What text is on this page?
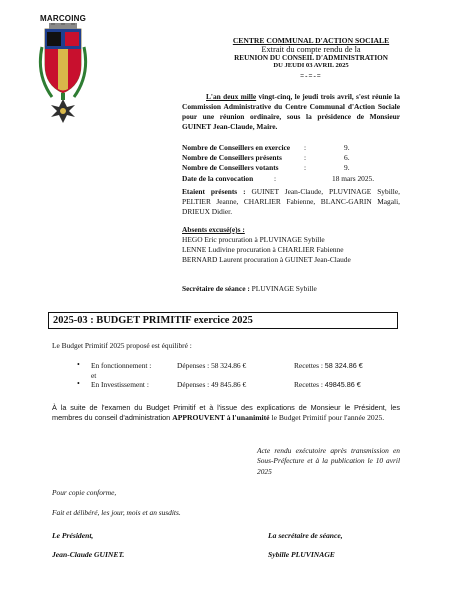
MARCOING
CENTRE COMMUNAL D'ACTION SOCIALE
Extrait du compte rendu de la
REUNION DU CONSEIL D'ADMINISTRATION
DU JEUDI 03 AVRIL 2025
=-=-=
L'an deux mille vingt-cinq, le jeudi trois avril, s'est réunie la Commission Administrative du Centre Communal d'Action Sociale pour une réunion ordinaire, sous la présidence de Monsieur GUINET Jean-Claude, Maire.
Nombre de Conseillers en exercice :	9.
Nombre de Conseillers présents	:	6.
Nombre de Conseillers votants	:	9.
Date de la convocation	:	18 mars 2025.
Etaient présents : GUINET Jean-Claude, PLUVINAGE Sybille, PELTIER Jeanne, CHARLIER Fabienne, BLANC-GARIN Magali, DRIEUX Didier.
Absents excusé(e)s :
HEGO Eric procuration à PLUVINAGE Sybille
LENNE Ludivine procuration à CHARLIER Fabienne
BERNARD Laurent procuration à GUINET Jean-Claude
Secrétaire de séance : PLUVINAGE Sybille
2025-03 : BUDGET PRIMITIF exercice 2025
Le Budget Primitif 2025 proposé est équilibré :
• En fonctionnement :	Dépenses : 58 324.86 €	Recettes : 58 324.86 €
et
• En Investissement :	Dépenses : 49 845.86 €	Recettes : 49845.86 €
À la suite de l'examen du Budget Primitif et à l'issue des explications de Monsieur le Président, les membres du conseil d'administration APPROUVENT à l'unanimité le Budget Primitif pour l'année 2025.
Acte rendu exécutoire après transmission en Sous-Préfecture et à la publication le 10 avril 2025
Pour copie conforme,
Fait et délibéré, les jour, mois et an susdits.
Le Président,	La secrétaire de séance,
Jean-Claude GUINET.	Sybille PLUVINAGE
